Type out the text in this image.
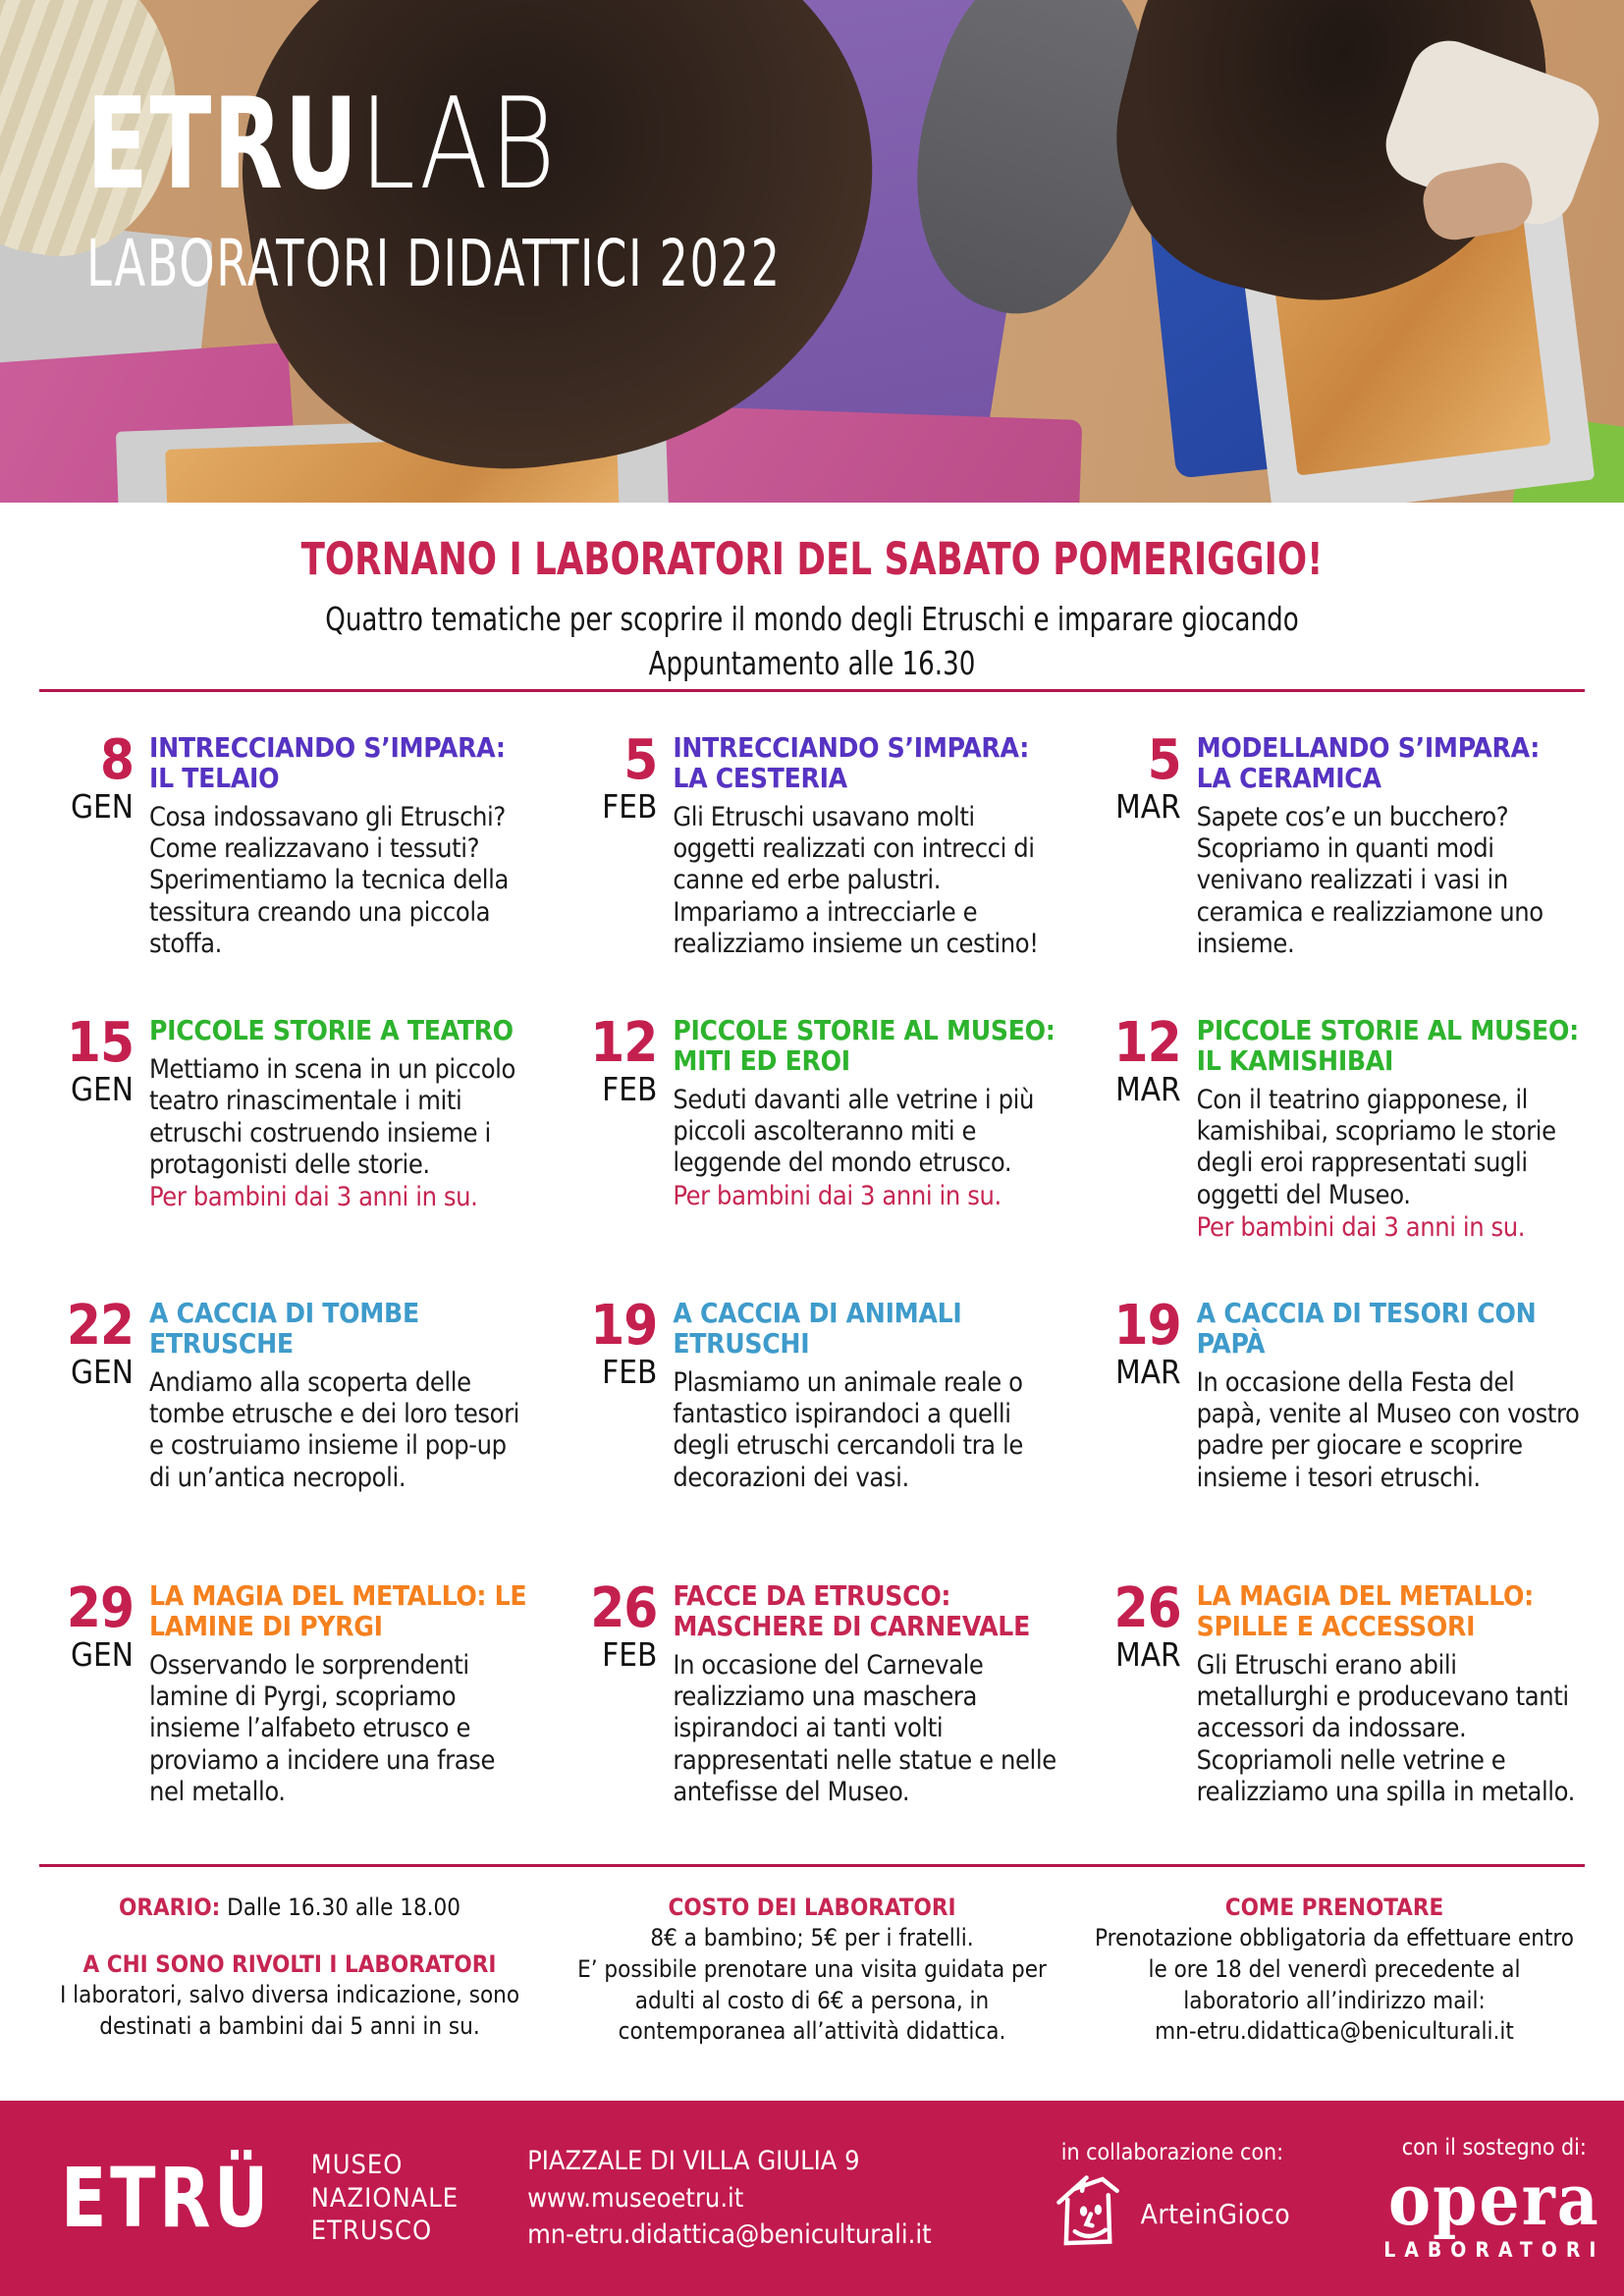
ETRULAB
LABORATORI DIDATTICI 2022
TORNANO I LABORATORI DEL SABATO POMERIGGIO!

Quattro tematiche per scoprire il mondo degli Etruschi e imparare giocando

Appuntamento alle 16.30

8
GEN
INTRECCIANDO S’IMPARA: IL TELAIO

Cosa indossavano gli Etruschi? Come realizzavano i tessuti? Sperimentiamo la tecnica della tessitura creando una piccola stoffa.

5
FEB
INTRECCIANDO S’IMPARA: LA CESTERIA

Gli Etruschi usavano molti oggetti realizzati con intrecci di canne ed erbe palustri. Impariamo a intrecciarle e realizziamo insieme un cestino!

5
MAR
MODELLANDO S’IMPARA: LA CERAMICA

Sapete cos’e un bucchero? Scopriamo in quanti modi venivano realizzati i vasi in ceramica e realizziamone uno insieme.

15
GEN
PICCOLE STORIE A TEATRO

Mettiamo in scena in un piccolo teatro rinascimentale i miti etruschi costruendo insieme i protagonisti delle storie.

Per bambini dai 3 anni in su.

12
FEB
PICCOLE STORIE AL MUSEO: MITI ED EROI

Seduti davanti alle vetrine i più piccoli ascolteranno miti e leggende del mondo etrusco.

Per bambini dai 3 anni in su.

12
MAR
PICCOLE STORIE AL MUSEO: IL KAMISHIBAI

Con il teatrino giapponese, il kamishibai, scopriamo le storie degli eroi rappresentati sugli oggetti del Museo.

Per bambini dai 3 anni in su.

22
GEN
A CACCIA DI TOMBE ETRUSCHE

Andiamo alla scoperta delle tombe etrusche e dei loro tesori e costruiamo insieme il pop-up di un’antica necropoli.

19
FEB
A CACCIA DI ANIMALI ETRUSCHI

Plasmiamo un animale reale o fantastico ispirandoci a quelli degli etruschi cercandoli tra le decorazioni dei vasi.

19
MAR
A CACCIA DI TESORI CON PAPÀ

In occasione della Festa del papà, venite al Museo con vostro padre per giocare e scoprire insieme i tesori etruschi.

29
GEN
LA MAGIA DEL METALLO: LE LAMINE DI PYRGI

Osservando le sorprendenti lamine di Pyrgi, scopriamo insieme l’alfabeto etrusco e proviamo a incidere una frase nel metallo.

26
FEB
FACCE DA ETRUSCO: MASCHERE DI CARNEVALE

In occasione del Carnevale realizziamo una maschera ispirandoci ai tanti volti rappresentati nelle statue e nelle antefisse del Museo.

26
MAR
LA MAGIA DEL METALLO: SPILLE E ACCESSORI

Gli Etruschi erano abili metallurghi e producevano tanti accessori da indossare. Scopriamoli nelle vetrine e realizziamo una spilla in metallo.

ORARIO: Dalle 16.30 alle 18.00

A CHI SONO RIVOLTI I LABORATORI

I laboratori, salvo diversa indicazione, sono destinati a bambini dai 5 anni in su.

COSTO DEI LABORATORI

8€ a bambino; 5€ per i fratelli.

E’ possibile prenotare una visita guidata per adulti al costo di 6€ a persona, in contemporanea all’attività didattica.

COME PRENOTARE

Prenotazione obbligatoria da effettuare entro le ore 18 del venerdì precedente al laboratorio all’indirizzo mail:

mn-etru.didattica@beniculturali.it

ETRÜ MUSEO
NAZIONALE
ETRUSCO
PIAZZALE DI VILLA GIULIA 9
www.museoetru.it
mn-etru.didattica@beniculturali.it
in collaborazione con:
ArteinGioco
con il sostegno di:
opera
LABORATORI
